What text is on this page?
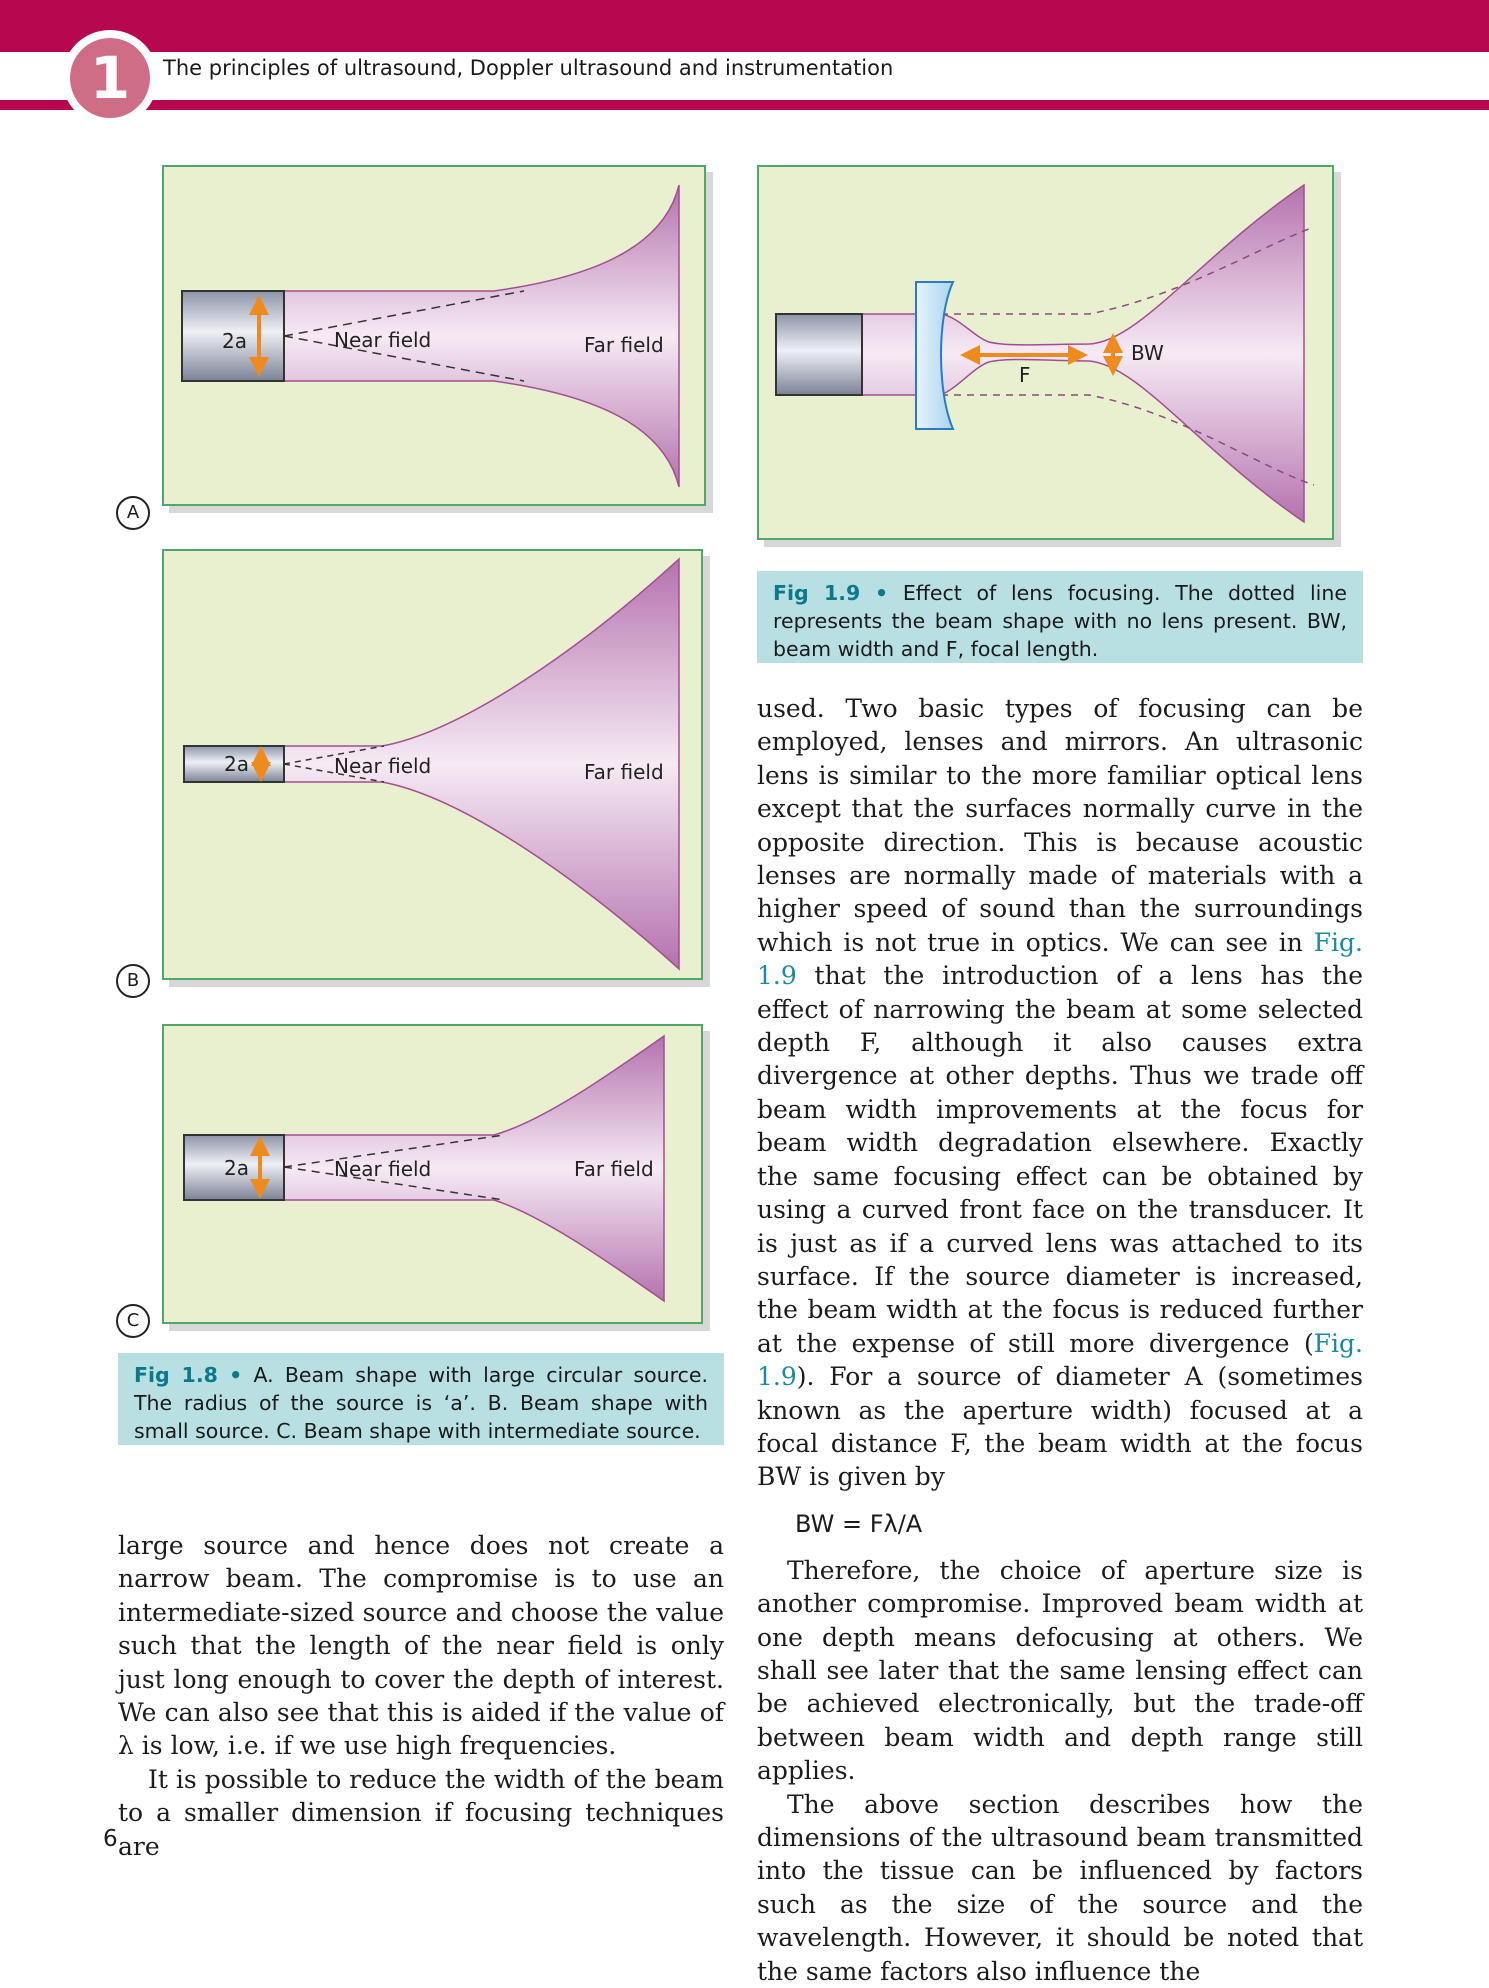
1	The principles of ultrasound, Doppler ultrasound and instrumentation
2a	Near field	Far field
A
2a	Near field	Far field
B
2a	Near field	Far field
C
Fig 1.8 • A. Beam shape with large circular source. The radius of the source is ‘a’. B. Beam shape with small source. C. Beam shape with intermediate source.
F
BW
Fig 1.9 • Effect of lens focusing. The dotted line represents the beam shape with no lens present. BW, beam width and F, focal length.

large source and hence does not create a narrow beam. The compromise is to use an intermediate-sized source and choose the value such that the length of the near field is only just long enough to cover the depth of interest. We can also see that this is aided if the value of λ is low, i.e. if we use high frequencies.

It is possible to reduce the width of the beam to a smaller dimension if focusing techniques are

used. Two basic types of focusing can be employed, lenses and mirrors. An ultrasonic lens is similar to the more familiar optical lens except that the surfaces normally curve in the opposite direction. This is because acoustic lenses are normally made of materials with a higher speed of sound than the surroundings which is not true in optics. We can see in Fig. 1.9 that the introduction of a lens has the effect of narrowing the beam at some selected depth F, although it also causes extra divergence at other depths. Thus we trade off beam width improvements at the focus for beam width degradation elsewhere. Exactly the same focusing effect can be obtained by using a curved front face on the transducer. It is just as if a curved lens was attached to its surface. If the source diameter is increased, the beam width at the focus is reduced further at the expense of still more divergence (Fig. 1.9). For a source of diameter A (sometimes known as the aperture width) focused at a focal distance F, the beam width at the focus BW is given by

BW = Fλ/A

Therefore, the choice of aperture size is another compromise. Improved beam width at one depth means defocusing at others. We shall see later that the same lensing effect can be achieved electronically, but the trade-off between beam width and depth range still applies.

The above section describes how the dimensions of the ultrasound beam transmitted into the tissue can be influenced by factors such as the size of the source and the wavelength. However, it should be noted that the same factors also influence the

6
